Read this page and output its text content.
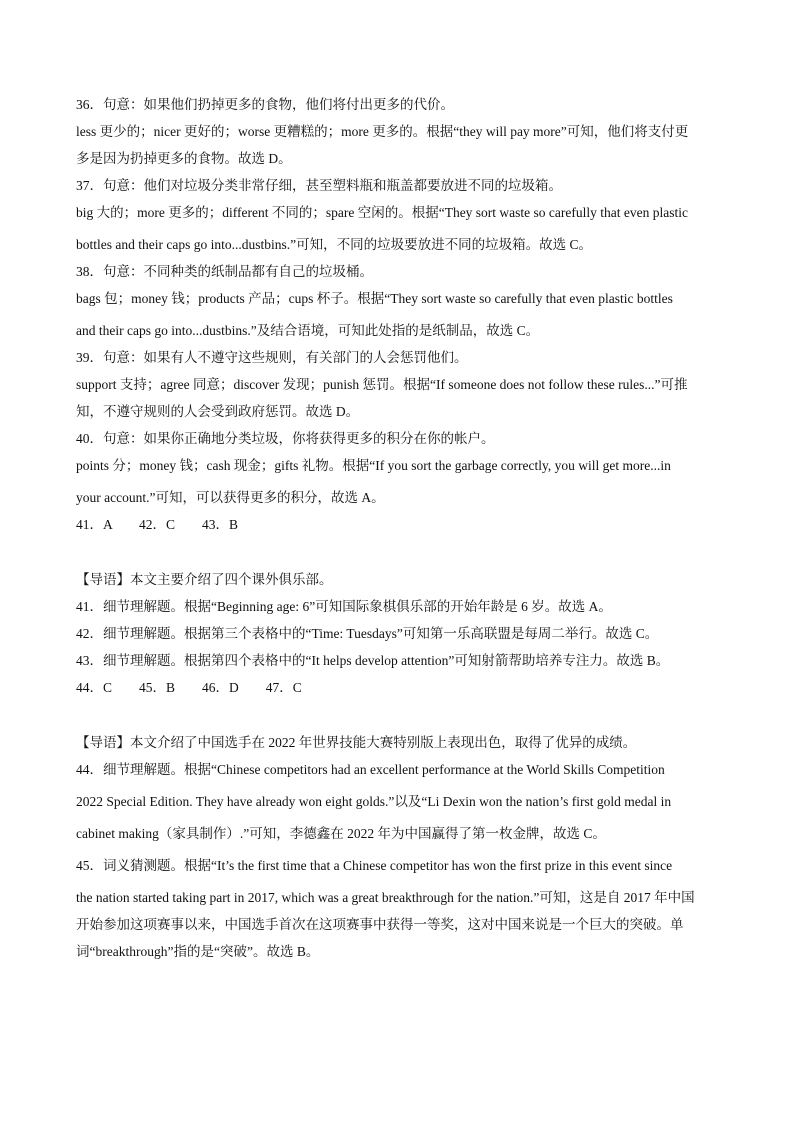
36．句意：如果他们扔掉更多的食物，他们将付出更多的代价。
less 更少的；nicer 更好的；worse 更糟糕的；more 更多的。根据“they will pay more”可知，他们将支付更
多是因为扔掉更多的食物。故选 D。
37．句意：他们对垃圾分类非常仔细，甚至塑料瓶和瓶盖都要放进不同的垃圾箱。
big 大的；more 更多的；different 不同的；spare 空闲的。根据“They sort waste so carefully that even plastic
bottles and their caps go into...dustbins.”可知，不同的垃圾要放进不同的垃圾箱。故选 C。
38．句意：不同种类的纸制品都有自己的垃圾桶。
bags 包；money 钱；products 产品；cups 杯子。根据“They sort waste so carefully that even plastic bottles
and their caps go into...dustbins.”及结合语境，可知此处指的是纸制品，故选 C。
39．句意：如果有人不遵守这些规则，有关部门的人会惩罚他们。
support 支持；agree 同意；discover 发现；punish 惩罚。根据“If someone does not follow these rules...”可推
知，不遵守规则的人会受到政府惩罚。故选 D。
40．句意：如果你正确地分类垃圾，你将获得更多的积分在你的帐户。
points 分；money 钱；cash 现金；gifts 礼物。根据“If you sort the garbage correctly, you will get more...in
your account.”可知，可以获得更多的积分，故选 A。
41．A　　42．C　　43．B
【导语】本文主要介绍了四个课外俱乐部。
41．细节理解题。根据“Beginning age: 6”可知国际象棋俱乐部的开始年龄是 6 岁。故选 A。
42．细节理解题。根据第三个表格中的“Time: Tuesdays”可知第一乐高联盟是每周二举行。故选 C。
43．细节理解题。根据第四个表格中的“It helps develop attention”可知射箭帮助培养专注力。故选 B。
44．C　　45．B　　46．D　　47．C
【导语】本文介绍了中国选手在 2022 年世界技能大赛特别版上表现出色，取得了优异的成绩。
44．细节理解题。根据“Chinese competitors had an excellent performance at the World Skills Competition
2022 Special Edition. They have already won eight golds.”以及“Li Dexin won the nation’s first gold medal in
cabinet making（家具制作）.”可知，李德鑫在 2022 年为中国赢得了第一枚金牌，故选 C。
45．词义猜测题。根据“It’s the first time that a Chinese competitor has won the first prize in this event since
the nation started taking part in 2017, which was a great breakthrough for the nation.”可知，这是自 2017 年中国
开始参加这项赛事以来，中国选手首次在这项赛事中获得一等奖，这对中国来说是一个巨大的突破。单
词“breakthrough”指的是“突破”。故选 B。
